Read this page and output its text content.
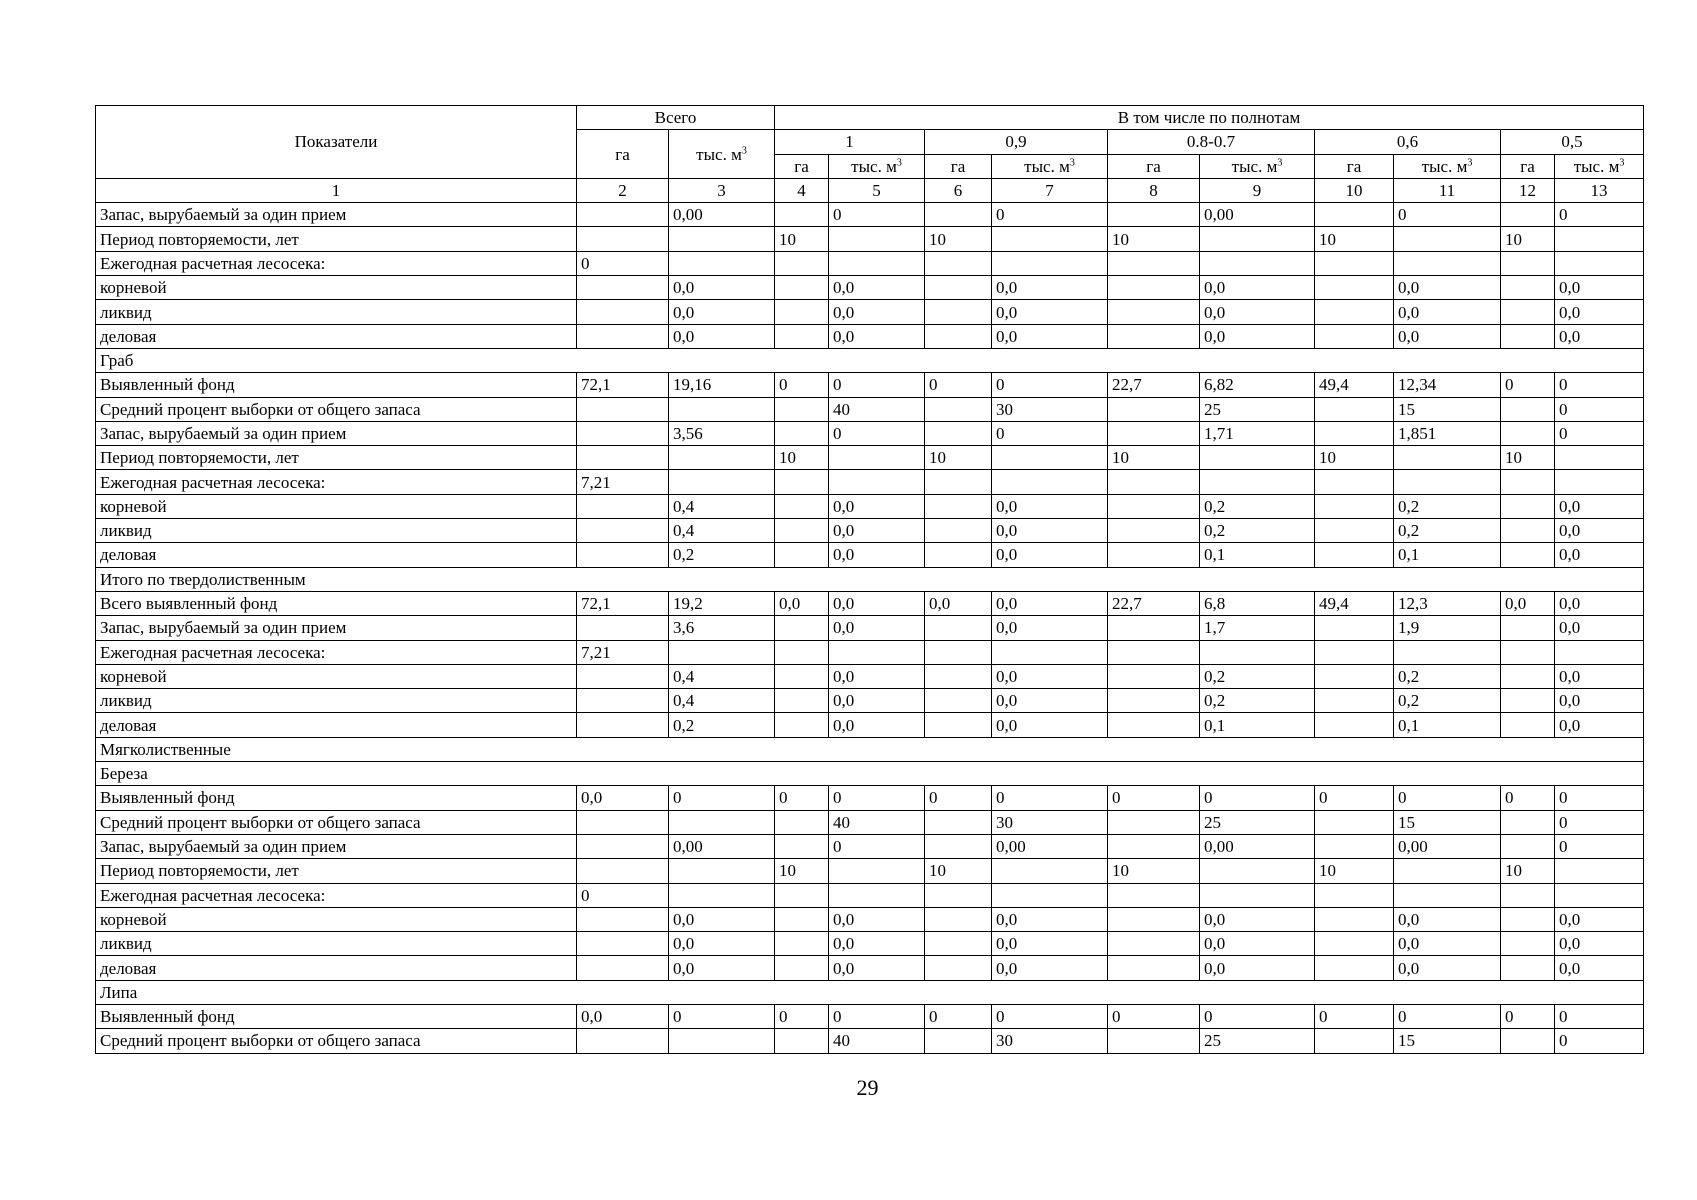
Показатели	Всего		В том числе по полнотам									
	га	тыс. $м^3$	1		0,9		0.8-0.7		0,6		0,5	
			га	тыс. $м^3$	га	тыс. $м^3$	га	тыс. $м^3$	га	тыс. $м^3$	га	тыс. $м^3$
1	2	3	4	5	6	7	8	9	10	11	12	13
Запас, вырубаемый за один прием		0,00		0		0		0,00		0		0
Период повторяемости, лет			10		10		10		10		10	
Ежегодная расчетная лесосека:	0											
корневой		0,0		0,0		0,0		0,0		0,0		0,0
ликвид		0,0		0,0		0,0		0,0		0,0		0,0
деловая		0,0		0,0		0,0		0,0		0,0		0,0
Граб												
Выявленный фонд	72,1	19,16	0	0	0	0	22,7	6,82	49,4	12,34	0	0
Средний процент выборки от общего запаса				40		30		25		15		0
Запас, вырубаемый за один прием		3,56		0		0		1,71		1,851		0
Период повторяемости, лет			10		10		10		10		10	
Ежегодная расчетная лесосека:	7,21											
корневой		0,4		0,0		0,0		0,2		0,2		0,0
ликвид		0,4		0,0		0,0		0,2		0,2		0,0
деловая		0,2		0,0		0,0		0,1		0,1		0,0
Итого по твердолиственным												
Всего выявленный фонд	72,1	19,2	0,0	0,0	0,0	0,0	22,7	6,8	49,4	12,3	0,0	0,0
Запас, вырубаемый за один прием		3,6		0,0		0,0		1,7		1,9		0,0
Ежегодная расчетная лесосека:	7,21											
корневой		0,4		0,0		0,0		0,2		0,2		0,0
ликвид		0,4		0,0		0,0		0,2		0,2		0,0
деловая		0,2		0,0		0,0		0,1		0,1		0,0
Мягколиственные												
Береза												
Выявленный фонд	0,0	0	0	0	0	0	0	0	0	0	0	0
Средний процент выборки от общего запаса				40		30		25		15		0
Запас, вырубаемый за один прием		0,00		0		0,00		0,00		0,00		0
Период повторяемости, лет			10		10		10		10		10	
Ежегодная расчетная лесосека:	0											
корневой		0,0		0,0		0,0		0,0		0,0		0,0
ликвид		0,0		0,0		0,0		0,0		0,0		0,0
деловая		0,0		0,0		0,0		0,0		0,0		0,0
Липа												
Выявленный фонд	0,0	0	0	0	0	0	0	0	0	0	0	0
Средний процент выборки от общего запаса				40		30		25		15		0
29
